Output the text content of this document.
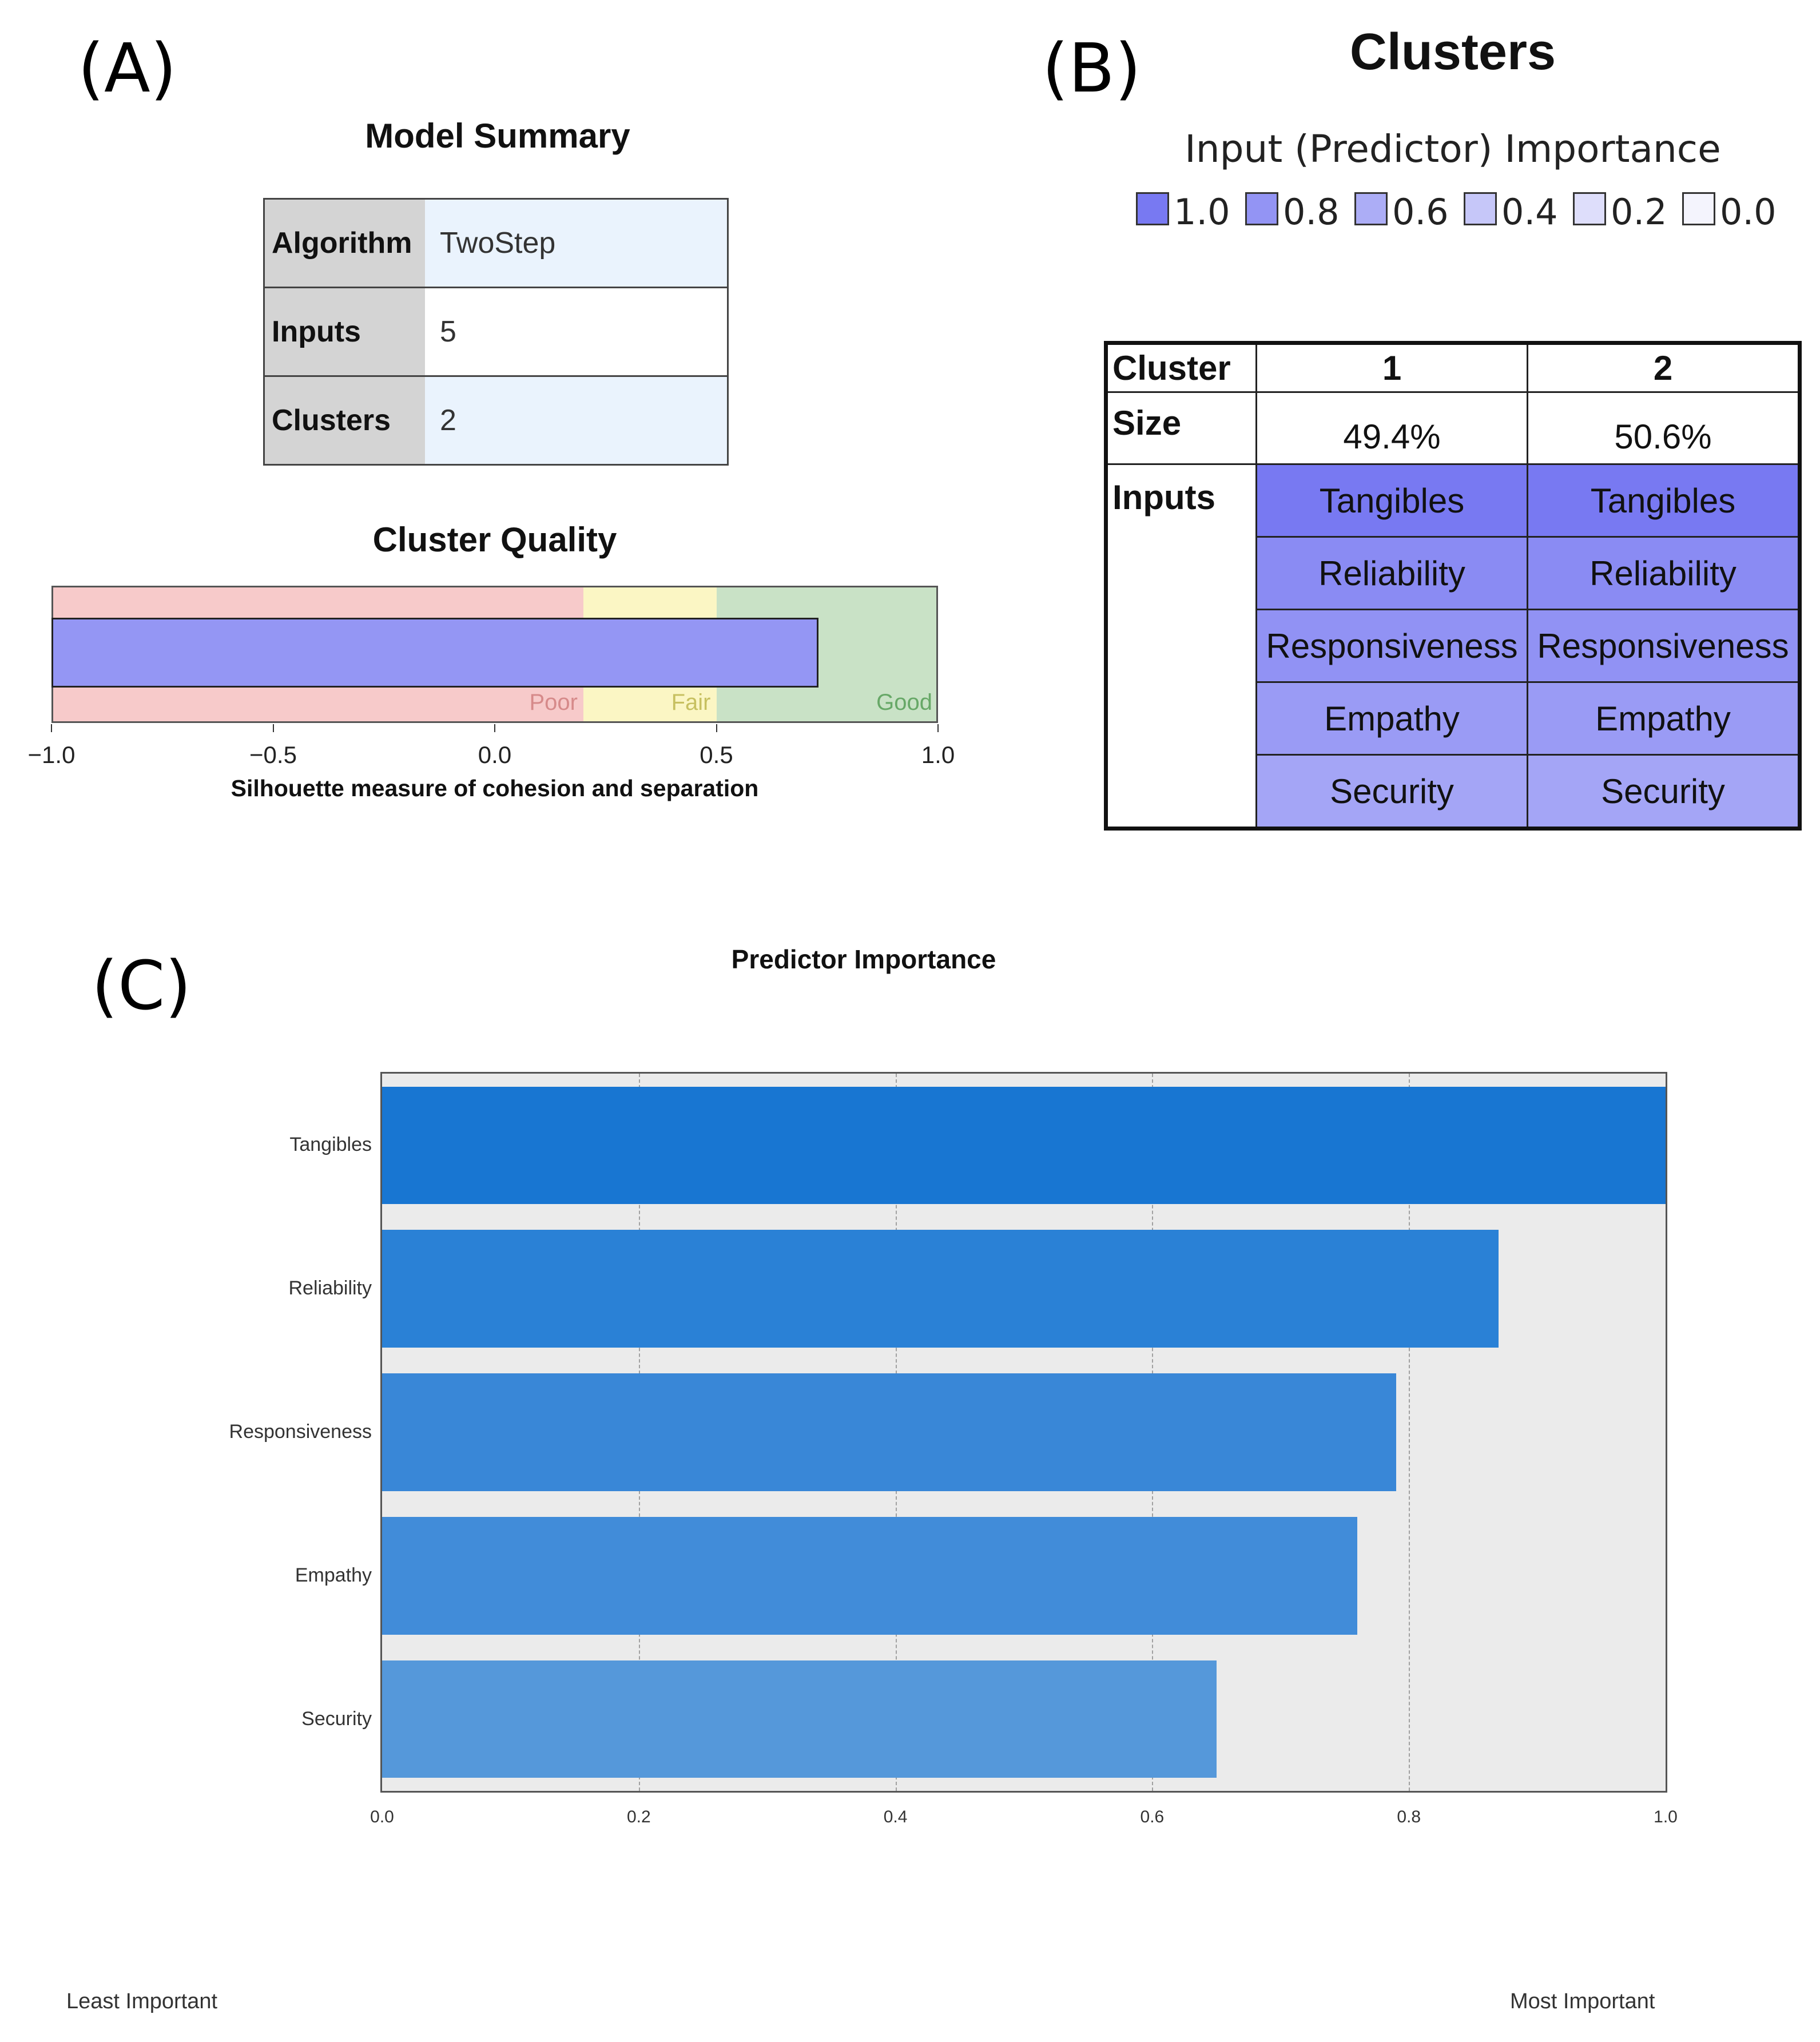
(A)
Model Summary
Algorithm	TwoStep
Inputs	5
Clusters	2
Cluster Quality
Poor	Fair	Good
−1.0	−0.5	0.0	0.5	1.0
Silhouette measure of cohesion and separation
(B)	Clusters
Input (Predictor) Importance
1.0 0.8 0.6 0.4 0.2 0.0
Cluster	1	2
Size	49.4%	50.6%
Inputs	Tangibles	Tangibles
	Reliability	Reliability
	Responsiveness	Responsiveness
	Empathy	Empathy
	Security	Security
(C)	Predictor Importance
Tangibles
Reliability
Responsiveness
Empathy
Security
0.0	0.2	0.4	0.6	0.8	1.0
Least Important	Most Important
